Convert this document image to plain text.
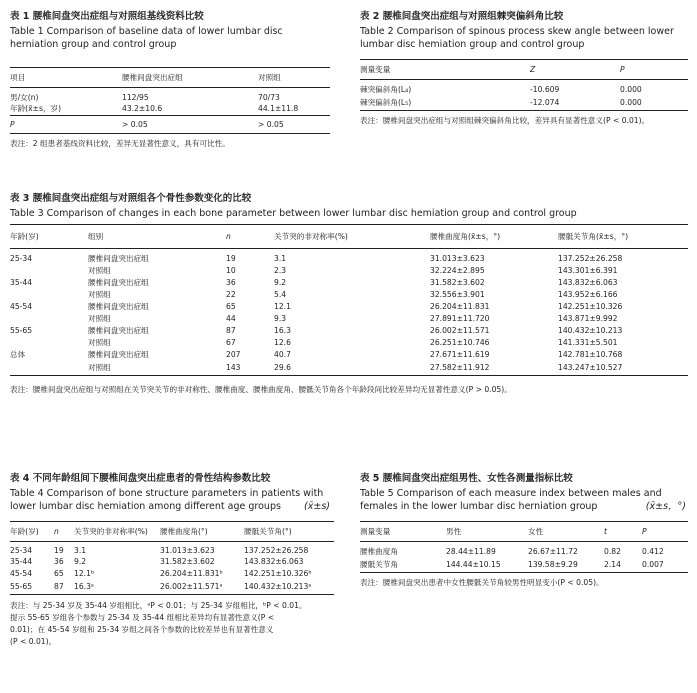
表 1 腰椎间盘突出症组与对照组基线资料比较
Table 1 Comparison of baseline data of lower lumbar disc herniation group and control group
项目	腰椎间盘突出症组	对照组
男/女(n)	112/95	70/73
年龄(x̄±s，岁)	43.2±10.6	44.1±11.8
P	> 0.05	> 0.05
表注：2 组患者基线资料比较，差异无显著性意义，具有可比性。
表 2 腰椎间盘突出症组与对照组棘突偏斜角比较
Table 2 Comparison of spinous process skew angle between lower lumbar disc hemiation group and control group
测量变量	Z	P
棘突偏斜角(L₄)	-10.609	0.000
棘突偏斜角(L₅)	-12.074	0.000
表注：腰椎间盘突出症组与对照组棘突偏斜角比较，差异具有显著性意义(P < 0.01)。
表 3 腰椎间盘突出症组与对照组各个骨性参数变化的比较
Table 3 Comparison of changes in each bone parameter between lower lumbar disc hemiation group and control group
年龄(岁)	组别	n	关节突的非对称率(%)	腰椎曲度角(x̄±s，°)	腰骶关节角(x̄±s，°)
25-34	腰椎间盘突出症组	19	3.1	31.013±3.623	137.252±26.258
	对照组	10	2.3	32.224±2.895	143.301±6.391
35-44	腰椎间盘突出症组	36	9.2	31.582±3.602	143.832±6.063
	对照组	22	5.4	32.556±3.901	143.952±6.166
45-54	腰椎间盘突出症组	65	12.1	26.204±11.831	142.251±10.326
	对照组	44	9.3	27.891±11.720	143.871±9.992
55-65	腰椎间盘突出症组	87	16.3	26.002±11.571	140.432±10.213
	对照组	67	12.6	26.251±10.746	141.331±5.501
总体	腰椎间盘突出症组	207	40.7	27.671±11.619	142.781±10.768
	对照组	143	29.6	27.582±11.912	143.247±10.527
表注：腰椎间盘突出症组与对照组在关节突关节的非对称性、腰椎曲度、腰椎曲度角、腰骶关节角各个年龄段间比较差异均无显著性意义(P > 0.05)。
表 4 不同年龄组间下腰椎间盘突出症患者的骨性结构参数比较
Table 4 Comparison of bone structure parameters in patients with
lower lumbar disc hemiation among different age groups (x̄±s)
年龄(岁)	n	关节突的非对称率(%)	腰椎曲度角(°)	腰骶关节角(°)
25-34	19	3.1	31.013±3.623	137.252±26.258
35-44	36	9.2	31.582±3.602	143.832±6.063
45-54	65	12.1ᵇ	26.204±11.831ᵇ	142.251±10.326ᵇ
55-65	87	16.3ᵃ	26.002±11.571ᵃ	140.432±10.213ᵃ
表注：与 25-34 岁及 35-44 岁组相比，ᵃP < 0.01；与 25-34 岁组相比，ᵇP < 0.01。
提示 55-65 岁组各个参数与 25-34 及 35-44 组相比差异均有显著性意义(P <
0.01)；在 45-54 岁组和 25-34 岁组之间各个参数的比较差异也有显著性意义
(P < 0.01)。
表 5 腰椎间盘突出症组男性、女性各测量指标比较
Table 5 Comparison of each measure index between males and
females in the lower lumbar disc herniation group	(x̄±s，°)
测量变量	男性	女性	t	P
腰椎曲度角	28.44±11.89	26.67±11.72	0.82	0.412
腰骶关节角	144.44±10.15	139.58±9.29	2.14	0.007
表注：腰椎间盘突出患者中女性腰骶关节角较男性明显变小(P < 0.05)。
